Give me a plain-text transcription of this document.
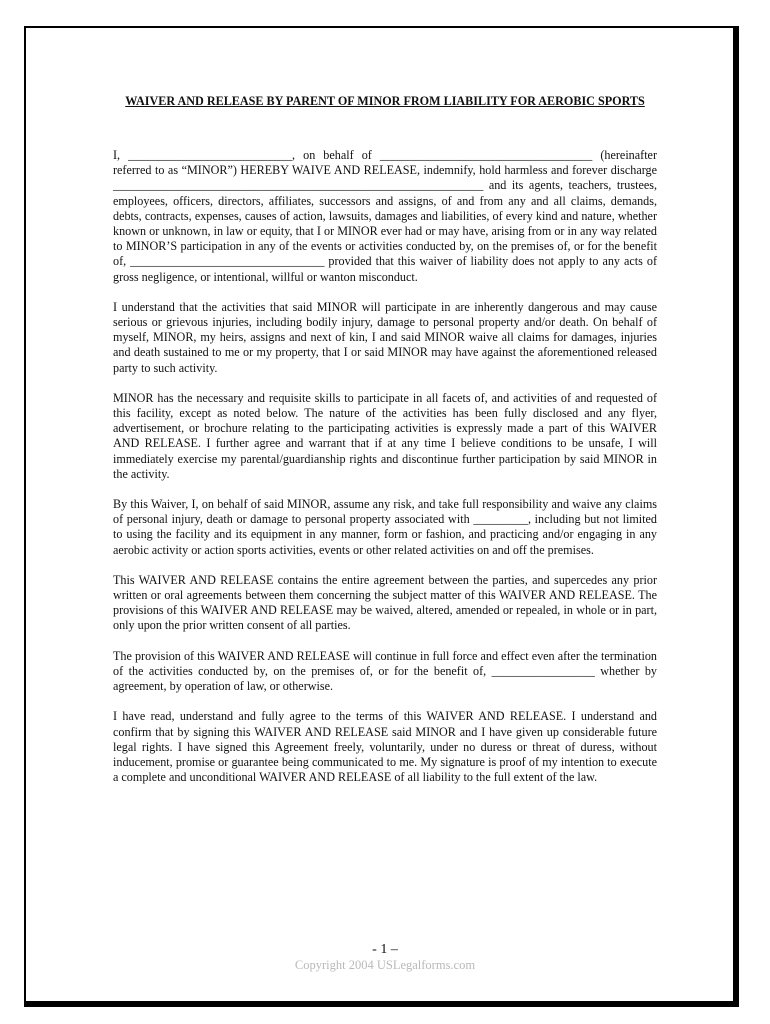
WAIVER AND RELEASE BY PARENT OF MINOR FROM LIABILITY FOR AEROBIC SPORTS

I, ___________________________, on behalf of ___________________________________ (hereinafter referred to as “MINOR”) HEREBY WAIVE AND RELEASE, indemnify, hold harmless and forever discharge _____________________________________________________________ and its agents, teachers, trustees, employees, officers, directors, affiliates, successors and assigns, of and from any and all claims, demands, debts, contracts, expenses, causes of action, lawsuits, damages and liabilities, of every kind and nature, whether known or unknown, in law or equity, that I or MINOR ever had or may have, arising from or in any way related to MINOR’S participation in any of the events or activities conducted by, on the premises of, or for the benefit of, ________________________________ provided that this waiver of liability does not apply to any acts of gross negligence, or intentional, willful or wanton misconduct.

I understand that the activities that said MINOR will participate in are inherently dangerous and may cause serious or grievous injuries, including bodily injury, damage to personal property and/or death. On behalf of myself, MINOR, my heirs, assigns and next of kin, I and said MINOR waive all claims for damages, injuries and death sustained to me or my property, that I or said MINOR may have against the aforementioned released party to such activity.

MINOR has the necessary and requisite skills to participate in all facets of, and activities of and requested of this facility, except as noted below. The nature of the activities has been fully disclosed and any flyer, advertisement, or brochure relating to the participating activities is expressly made a part of this WAIVER AND RELEASE. I further agree and warrant that if at any time I believe conditions to be unsafe, I will immediately exercise my parental/guardianship rights and discontinue further participation by said MINOR in the activity.

By this Waiver, I, on behalf of said MINOR, assume any risk, and take full responsibility and waive any claims of personal injury, death or damage to personal property associated with _________, including but not limited to using the facility and its equipment in any manner, form or fashion, and practicing and/or engaging in any aerobic activity or action sports activities, events or other related activities on and off the premises.

This WAIVER AND RELEASE contains the entire agreement between the parties, and supercedes any prior written or oral agreements between them concerning the subject matter of this WAIVER AND RELEASE. The provisions of this WAIVER AND RELEASE may be waived, altered, amended or repealed, in whole or in part, only upon the prior written consent of all parties.

The provision of this WAIVER AND RELEASE will continue in full force and effect even after the termination of the activities conducted by, on the premises of, or for the benefit of, _________________ whether by agreement, by operation of law, or otherwise.

I have read, understand and fully agree to the terms of this WAIVER AND RELEASE. I understand and confirm that by signing this WAIVER AND RELEASE said MINOR and I have given up considerable future legal rights. I have signed this Agreement freely, voluntarily, under no duress or threat of duress, without inducement, promise or guarantee being communicated to me. My signature is proof of my intention to execute a complete and unconditional WAIVER AND RELEASE of all liability to the full extent of the law.

- 1 –
Copyright 2004 USLegalforms.com
